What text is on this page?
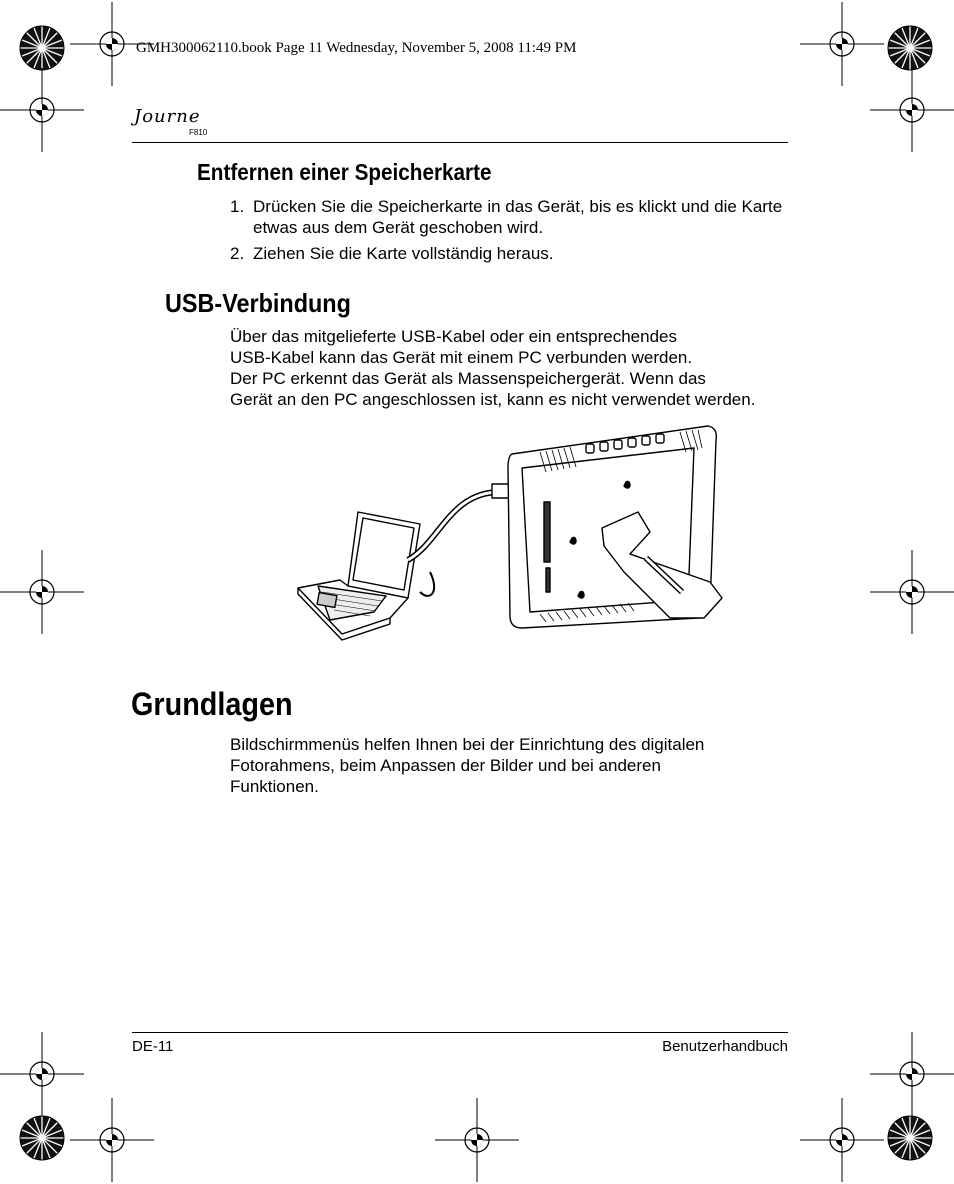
GMH300062110.book Page 11 Wednesday, November 5, 2008 11:49 PM
Journe
F810
Entfernen einer Speicherkarte
1. Drücken Sie die Speicherkarte in das Gerät, bis es klickt und die Karte etwas aus dem Gerät geschoben wird.
2. Ziehen Sie die Karte vollständig heraus.
USB-Verbindung
Über das mitgelieferte USB-Kabel oder ein entsprechendes
USB-Kabel kann das Gerät mit einem PC verbunden werden.
Der PC erkennt das Gerät als Massenspeichergerät. Wenn das
Gerät an den PC angeschlossen ist, kann es nicht verwendet werden.
Grundlagen
Bildschirmmenüs helfen Ihnen bei der Einrichtung des digitalen
Fotorahmens, beim Anpassen der Bilder und bei anderen
Funktionen.
DE-11	Benutzerhandbuch
